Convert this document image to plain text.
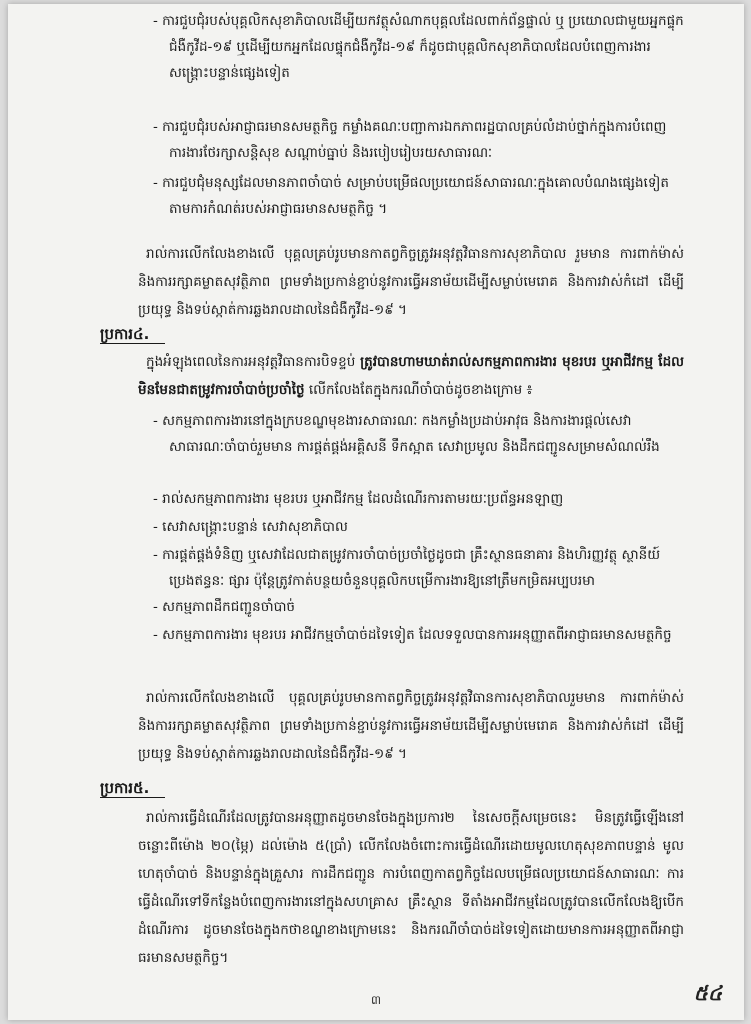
- ការជួបជុំរបស់បុគ្គលិកសុខាភិបាលដើម្បីយកវត្ថុសំណាកបុគ្គលដែលពាក់ព័ន្ធផ្ទាល់ ឬ ប្រយោលជាមួយអ្នកផ្ទុកជំងឺកូវីដ-១៩ ឬដើម្បីយកអ្នកដែលផ្ទុកជំងឺកូវីដ-១៩ ក៏ដូចជាបុគ្គលិកសុខាភិបាលដែលបំពេញការងារសង្គ្រោះបន្ទាន់ផ្សេងទៀត
- ការជួបជុំរបស់អាជ្ញាធរមានសមត្ថកិច្ច កម្លាំងគណៈបញ្ជាការឯកភាពរដ្ឋបាលគ្រប់លំដាប់ថ្នាក់ក្នុងការបំពេញការងារថែរក្សាសន្តិសុខ សណ្ដាប់ធ្នាប់ និងរបៀបរៀបរយសាធារណៈ
- ការជួបជុំមនុស្សដែលមានភាពចាំបាច់ សម្រាប់បម្រើផលប្រយោជន៍សាធារណៈក្នុងគោលបំណងផ្សេងទៀតតាមការកំណត់របស់អាជ្ញាធរមានសមត្ថកិច្ច ។
រាល់ការលើកលែងខាងលើ បុគ្គលគ្រប់រូបមានកាតព្វកិច្ចត្រូវអនុវត្តវិធានការសុខាភិបាល រួមមាន ការពាក់ម៉ាស់ និងការរក្សាគម្លាតសុវត្ថិភាព ព្រមទាំងប្រកាន់ខ្ជាប់នូវការធ្វើអនាម័យដើម្បីសម្លាប់មេរោគ និងការវាស់កំដៅ ដើម្បីប្រយុទ្ធ និងទប់ស្កាត់ការឆ្លងរាលដាលនៃជំងឺកូវីដ-១៩ ។
ប្រការ៤.
ក្នុងអំឡុងពេលនៃការអនុវត្តវិធានការបិទខ្ទប់ ត្រូវបានហាមឃាត់រាល់សកម្មភាពការងារ មុខរបរ ឬអាជីវកម្ម ដែលមិនមែនជាតម្រូវការចាំបាច់ប្រចាំថ្ងៃ លើកលែងតែក្នុងករណីចាំបាច់ដូចខាងក្រោម ៖
- សកម្មភាពការងារនៅក្នុងក្របខណ្ឌមុខងារសាធារណៈ កងកម្លាំងប្រដាប់អាវុធ និងការងារផ្ដល់សេវាសាធារណៈចាំបាច់រួមមាន ការផ្គត់ផ្គង់អគ្គិសនី ទឹកស្អាត សេវាប្រមូល និងដឹកជញ្ជូនសម្រាមសំណល់រឹង
- រាល់សកម្មភាពការងារ មុខរបរ ឬអាជីវកម្ម ដែលដំណើរការតាមរយៈប្រព័ន្ធអនឡាញ
- សេវាសង្គ្រោះបន្ទាន់ សេវាសុខាភិបាល
- ការផ្គត់ផ្គង់ទំនិញ ឬសេវាដែលជាតម្រូវការចាំបាច់ប្រចាំថ្ងៃដូចជា គ្រឹះស្ថានធនាគារ និងហិរញ្ញវត្ថុ ស្ថានីយ៍ប្រេងឥន្ធនៈ ផ្សារ ប៉ុន្តែត្រូវកាត់បន្ថយចំនួនបុគ្គលិកបម្រើការងារឱ្យនៅត្រឹមកម្រិតអប្បបរមា
- សកម្មភាពដឹកជញ្ជូនចាំបាច់
- សកម្មភាពការងារ មុខរបរ អាជីវកម្មចាំបាច់ដទៃទៀត ដែលទទួលបានការអនុញ្ញាតពីអាជ្ញាធរមានសមត្ថកិច្ច
រាល់ការលើកលែងខាងលើ បុគ្គលគ្រប់រូបមានកាតព្វកិច្ចត្រូវអនុវត្តវិធានការសុខាភិបាលរួមមាន ការពាក់ម៉ាស់ និងការរក្សាគម្លាតសុវត្ថិភាព ព្រមទាំងប្រកាន់ខ្ជាប់នូវការធ្វើអនាម័យដើម្បីសម្លាប់មេរោគ និងការវាស់កំដៅ ដើម្បីប្រយុទ្ធ និងទប់ស្កាត់ការឆ្លងរាលដាលនៃជំងឺកូវីដ-១៩ ។
ប្រការ៥.
រាល់ការធ្វើដំណើរដែលត្រូវបានអនុញ្ញាតដូចមានចែងក្នុងប្រការ២ នៃសេចក្ដីសម្រេចនេះ មិនត្រូវធ្វើឡើងនៅចន្លោះពីម៉ោង ២០(ម្ភៃ) ដល់ម៉ោង ៥(ប្រាំ) លើកលែងចំពោះការធ្វើដំណើរដោយមូលហេតុសុខភាពបន្ទាន់ មូលហេតុចាំបាច់ និងបន្ទាន់ក្នុងគ្រួសារ ការដឹកជញ្ជូន ការបំពេញកាតព្វកិច្ចដែលបម្រើផលប្រយោជន៍សាធារណៈ ការធ្វើដំណើរទៅទីកន្លែងបំពេញការងារនៅក្នុងសហគ្រាស គ្រឹះស្ថាន ទីតាំងអាជីវកម្មដែលត្រូវបានលើកលែងឱ្យបើកដំណើរការ ដូចមានចែងក្នុងកថាខណ្ឌខាងក្រោមនេះ និងករណីចាំបាច់ដទៃទៀតដោយមានការអនុញ្ញាតពីអាជ្ញាធរមានសមត្ថកិច្ច។
៣	៥៤
